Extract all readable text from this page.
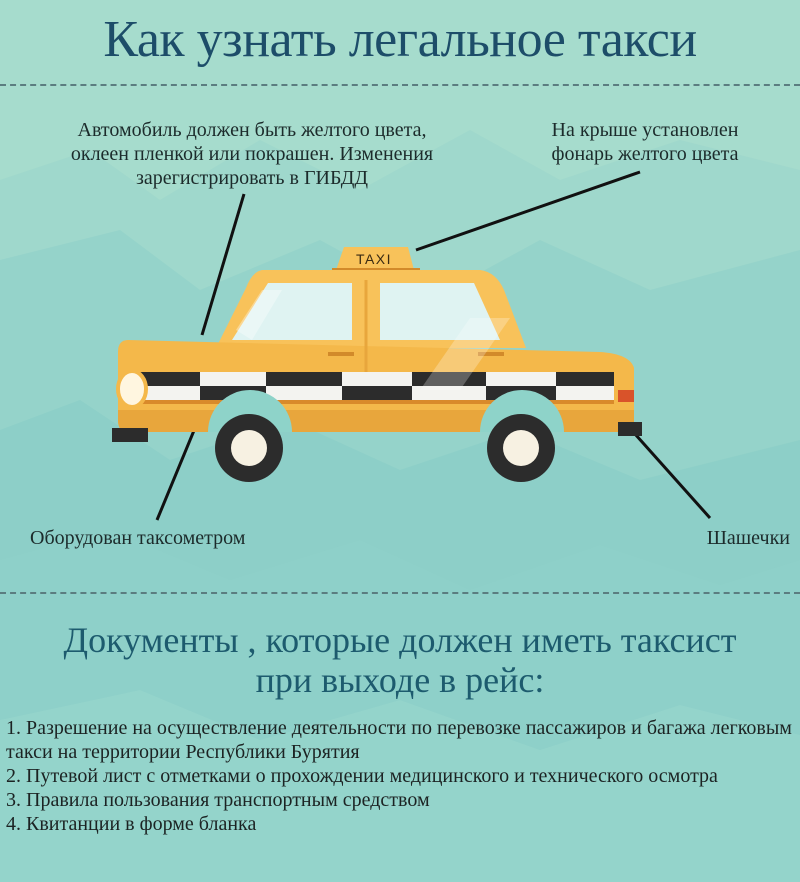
Как узнать легальное такси
Автомобиль должен быть желтого цвета,
оклеен пленкой или покрашен. Изменения
зарегистрировать в ГИБДД
На крыше установлен
фонарь желтого цвета
Оборудован таксометром	Шашечки
TAXI
Документы , которые должен иметь таксист
при выходе в рейс:
1. Разрешение на осуществление деятельности по перевозке пассажиров и багажа легковым такси на территории Республики Бурятия
2. Путевой лист с отметками о прохождении медицинского и технического осмотра
3. Правила пользования транспортным средством
4. Квитанции в форме бланка
